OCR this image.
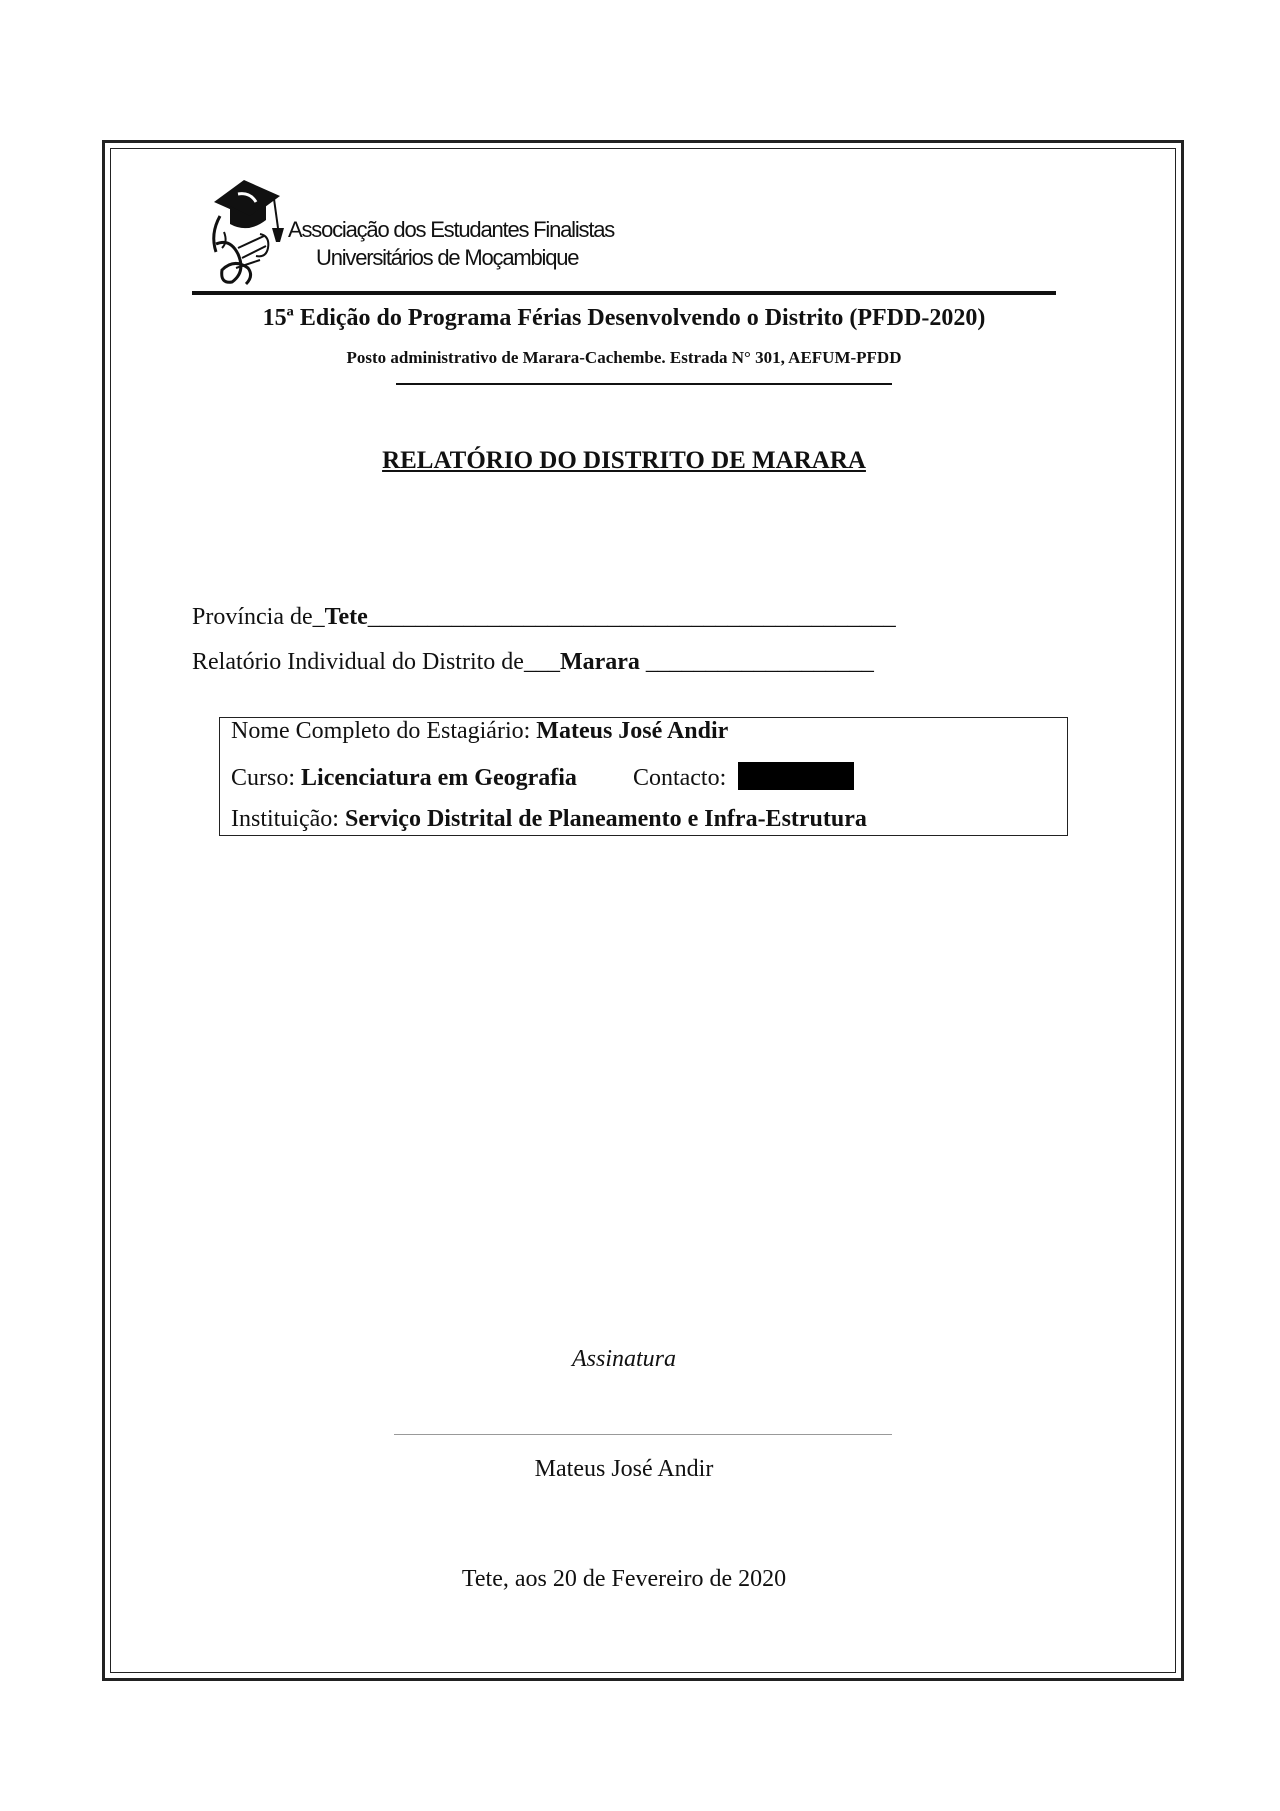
Associação dos Estudantes Finalistas
Universitários de Moçambique
15ª Edição do Programa Férias Desenvolvendo o Distrito (PFDD-2020)
Posto administrativo de Marara-Cachembe. Estrada N° 301, AEFUM-PFDD
RELATÓRIO DO DISTRITO DE MARARA
Província de_Tete____________________________________________
Relatório Individual do Distrito de___Marara ___________________
Nome Completo do Estagiário: Mateus José Andir
Curso: Licenciatura em Geografia Contacto:
Instituição: Serviço Distrital de Planeamento e Infra-Estrutura
Assinatura
Mateus José Andir
Tete, aos 20 de Fevereiro de 2020
